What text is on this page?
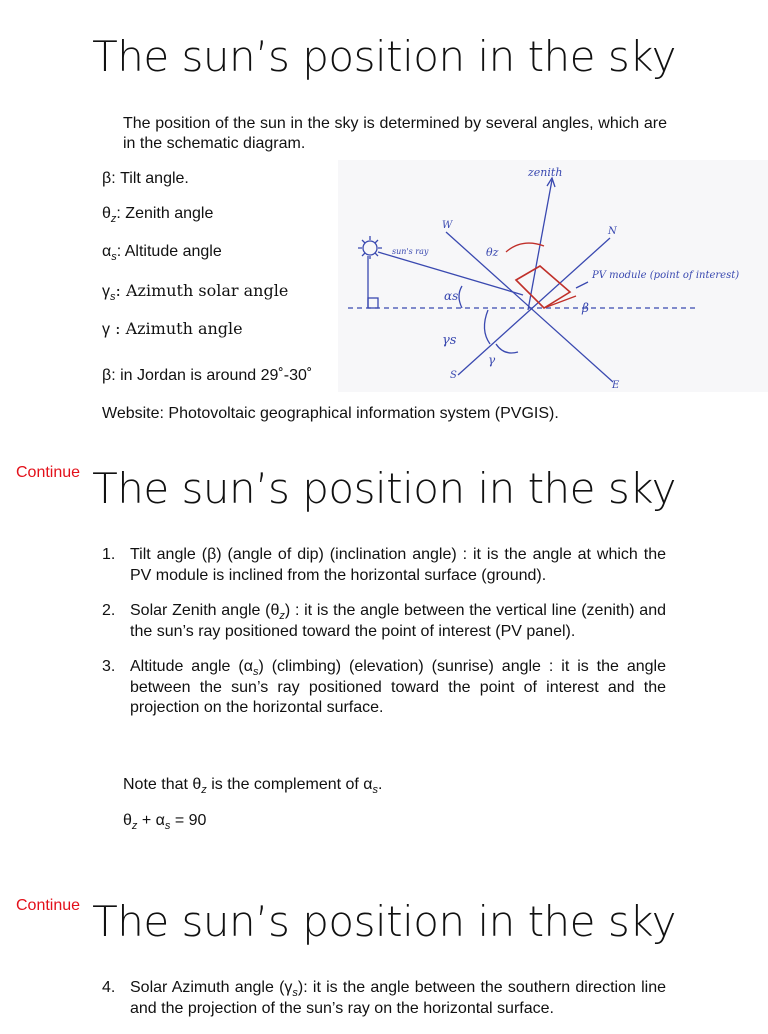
The sun’s position in the sky
The position of the sun in the sky is determined by several angles, which are in the schematic diagram.
β: Tilt angle.
$\theta_z$: Zenith angle
$\alpha_s$: Altitude angle
$\gamma_s$: Azimuth solar angle
γ : Azimuth angle
β: in Jordan is around 29˚-30˚
Website: Photovoltaic geographical information system (PVGIS).
zenith
W
N
S
E
θz
sun's ray
PV module (point of interest)
β
αs
γs
γ
Continue The sun’s position in the sky
1. Tilt angle (β) (angle of dip) (inclination angle) : it is the angle at which the PV module is inclined from the horizontal surface (ground).
2. Solar Zenith angle $(\theta_z)$ : it is the angle between the vertical line (zenith) and the sun’s ray positioned toward the point of interest (PV panel).
3. Altitude angle $(\alpha_s)$ (climbing) (elevation) (sunrise) angle : it is the angle between the sun’s ray positioned toward the point of interest and the projection on the horizontal surface.
Note that $\theta_z$ is the complement of $\alpha_s$.
$\theta_z + \alpha_s = 90$
Continue The sun’s position in the sky
4. Solar Azimuth angle $(\gamma_s)$: it is the angle between the southern direction line and the projection of the sun’s ray on the horizontal surface.
